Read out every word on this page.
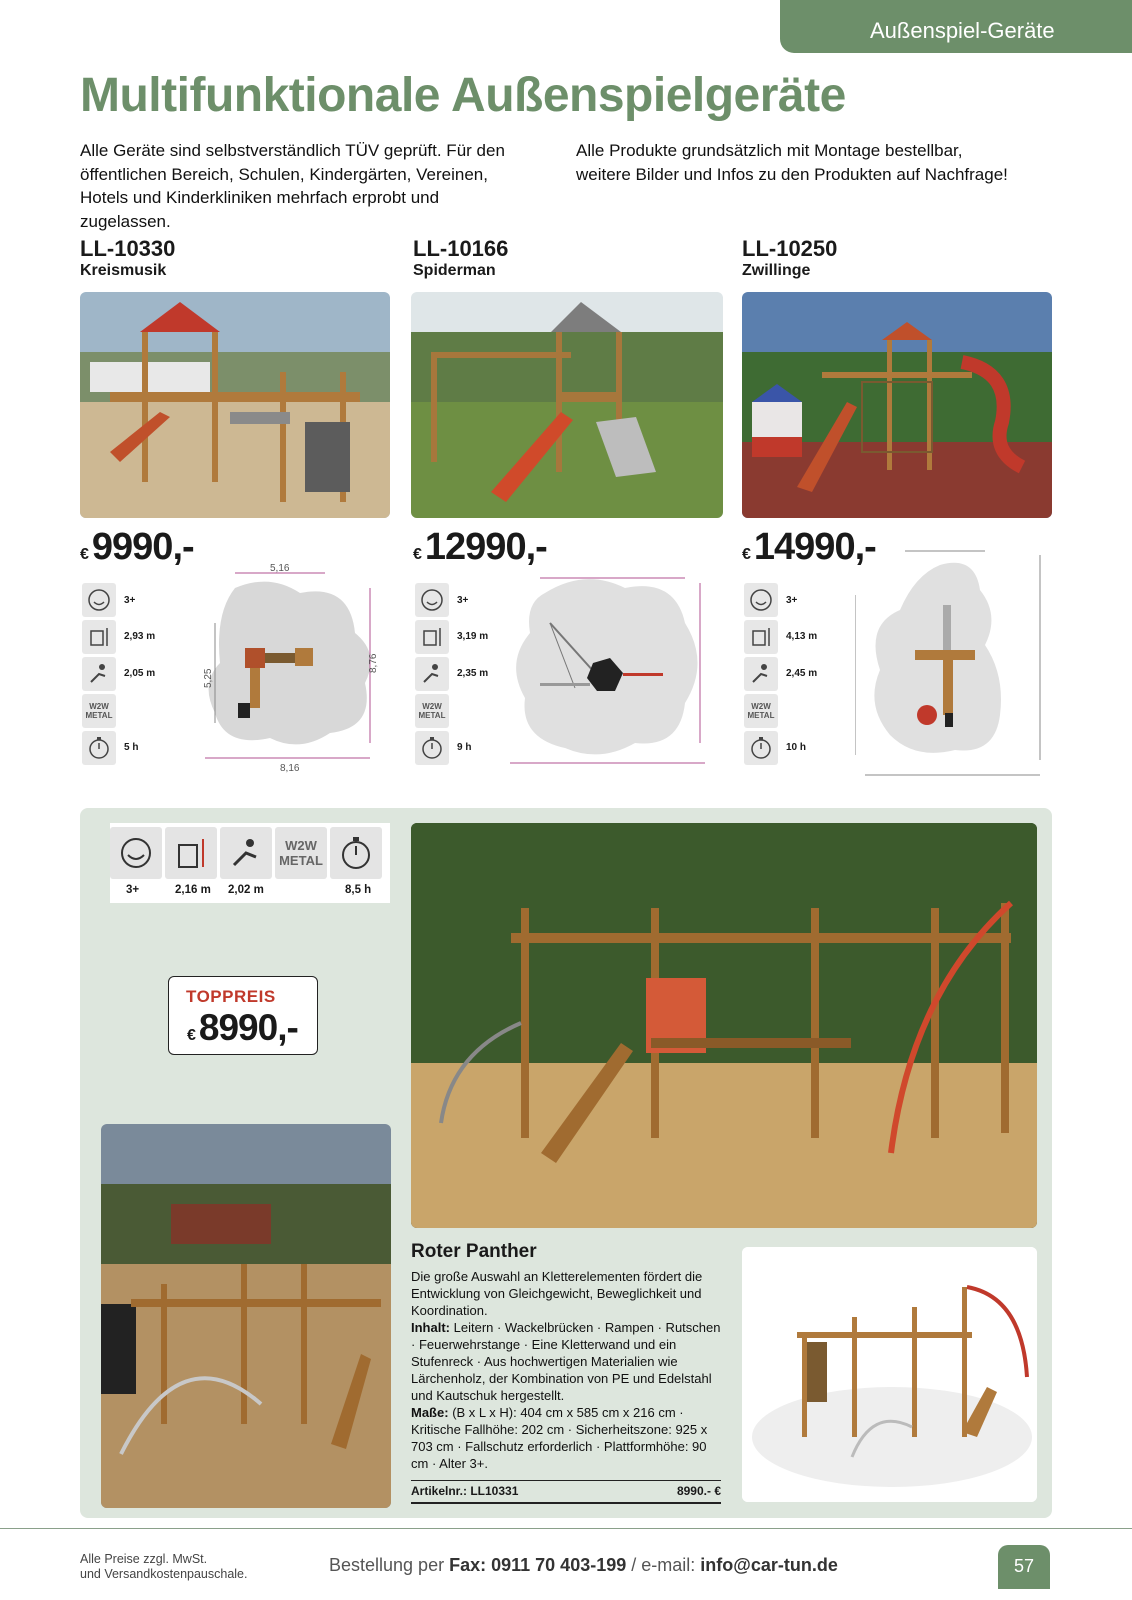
Außenspiel-Geräte
Multifunktionale Außenspielgeräte

Alle Geräte sind selbstverständlich TÜV geprüft. Für den öffentlichen Bereich, Schulen, Kindergärten, Vereinen, Hotels und Kinderkliniken mehrfach erprobt und zugelassen.

Alle Produkte grundsätzlich mit Montage bestellbar, weitere Bilder und Infos zu den Produkten auf Nachfrage!

LL-10330
Kreismusik
€ 9990,-
3+
2,93 m
2,05 m
W2W
METAL
5 h
5,16
8,16
8,76
5,25
LL-10166
Spiderman
€ 12990,-
3+
3,19 m
2,35 m
W2W
METAL
9 h
LL-10250
Zwillinge
€ 14990,-
3+
4,13 m
2,45 m
W2W
METAL
10 h
W2W
METAL
3+	2,16 m 2,02 m	8,5 h
TOPPREIS
€ 8990,-
Roter Panther
Die große Auswahl an Kletterelementen fördert die Entwicklung von Gleichgewicht, Beweglichkeit und Koordination.
Inhalt: Leitern · Wackelbrücken · Rampen · Rutschen · Feuerwehrstange · Eine Kletterwand und ein Stufenreck · Aus hochwertigen Materialien wie Lärchenholz, der Kombination von PE und Edelstahl und Kautschuk hergestellt.
Maße: (B x L x H): 404 cm x 585 cm x 216 cm · Kritische Fallhöhe: 202 cm · Sicherheitszone: 925 x 703 cm · Fallschutz erforderlich · Plattformhöhe: 90 cm · Alter 3+.
Artikelnr.: LL10331	8990.- €
Alle Preise zzgl. MwSt.
und Versandkostenpauschale.	Bestellung per Fax: 0911 70 403-199 / e-mail: info@car-tun.de	57
